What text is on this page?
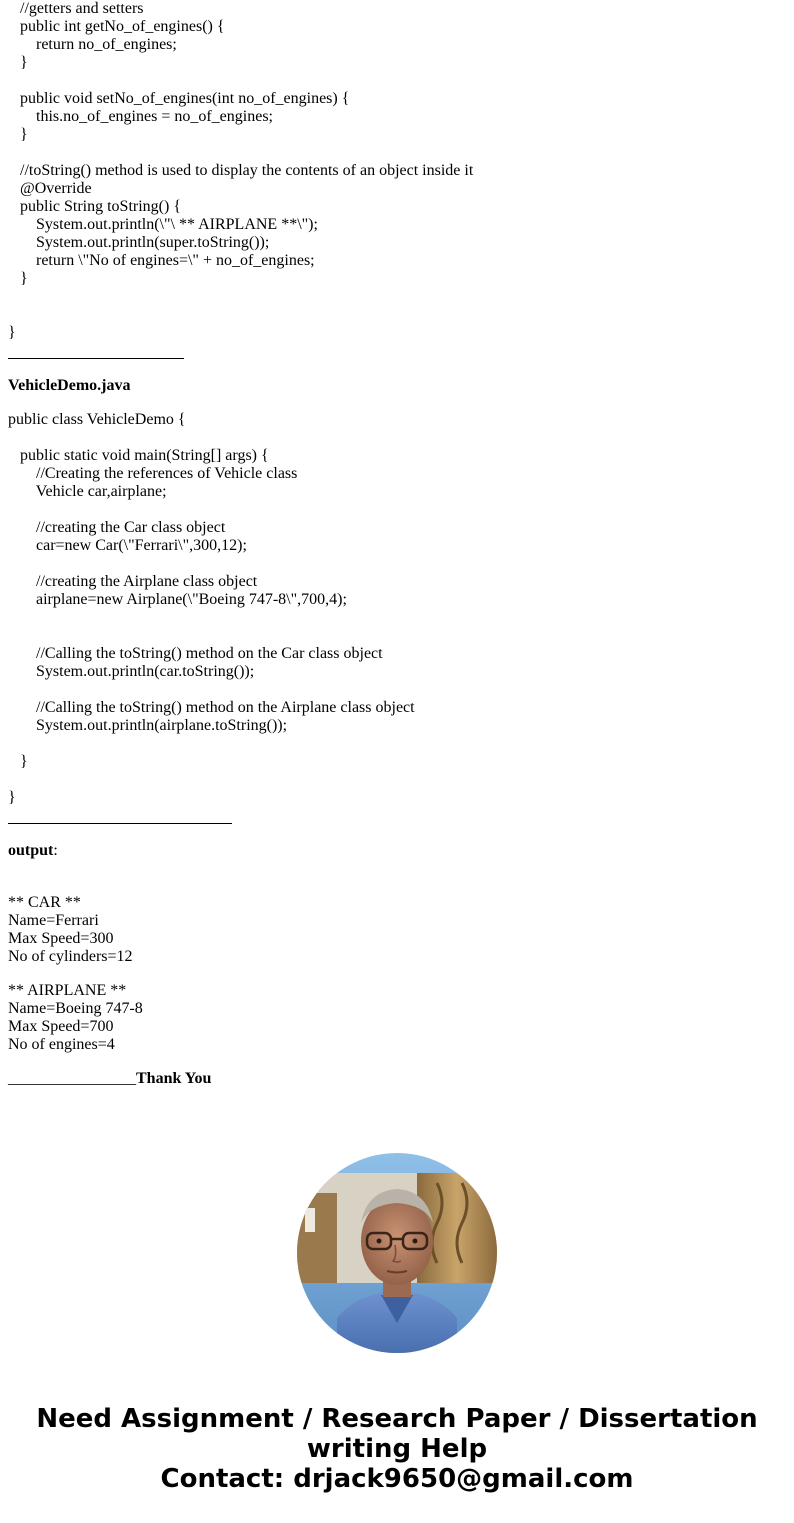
//getters and setters
public int getNo_of_engines() {
return no_of_engines;
}
public void setNo_of_engines(int no_of_engines) {
this.no_of_engines = no_of_engines;
}
//toString() method is used to display the contents of an object inside it
@Override
public String toString() {
System.out.println(\"\ ** AIRPLANE **\");
System.out.println(super.toString());
return \"No of engines=\" + no_of_engines;
}
}
VehicleDemo.java
public class VehicleDemo {
public static void main(String[] args) {
//Creating the references of Vehicle class
Vehicle car,airplane;
//creating the Car class object
car=new Car(\"Ferrari\",300,12);
//creating the Airplane class object
airplane=new Airplane(\"Boeing 747-8\",700,4);
//Calling the toString() method on the Car class object
System.out.println(car.toString());
//Calling the toString() method on the Airplane class object
System.out.println(airplane.toString());
}
}
output:
** CAR **
Name=Ferrari
Max Speed=300
No of cylinders=12
** AIRPLANE **
Name=Boeing 747-8
Max Speed=700
No of engines=4
________________Thank You
Need Assignment / Research Paper / Dissertation
writing Help
Contact: drjack9650@gmail.com
